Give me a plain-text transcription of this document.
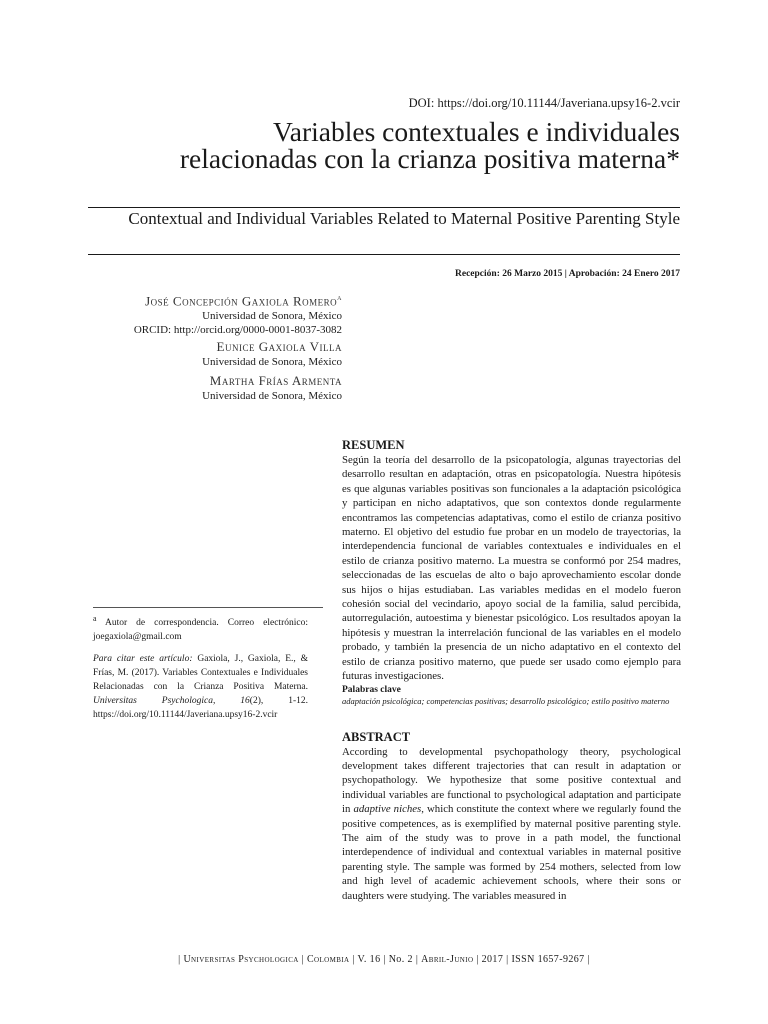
DOI: https://doi.org/10.11144/Javeriana.upsy16-2.vcir
Variables contextuales e individuales relacionadas con la crianza positiva materna*
Contextual and Individual Variables Related to Maternal Positive Parenting Style
Recepción: 26 Marzo 2015 | Aprobación: 24 Enero 2017
José Concepción Gaxiola Romero$^a$
Universidad de Sonora, México
ORCID: http://orcid.org/0000-0001-8037-3082
Eunice Gaxiola Villa
Universidad de Sonora, México
Martha Frías Armenta
Universidad de Sonora, México

$^a$ Autor de correspondencia. Correo electrónico: joegaxiola@gmail.com

Para citar este artículo: Gaxiola, J., Gaxiola, E., & Frías, M. (2017). Variables Contextuales e Individuales Relacionadas con la Crianza Positiva Materna. Universitas Psychologica, 16(2), 1-12. https://doi.org/10.11144/Javeriana.upsy16-2.vcir

RESUMEN

Según la teoría del desarrollo de la psicopatología, algunas trayectorias del desarrollo resultan en adaptación, otras en psicopatología. Nuestra hipótesis es que algunas variables positivas son funcionales a la adaptación psicológica y participan en nicho adaptativos, que son contextos donde regularmente encontramos las competencias adaptativas, como el estilo de crianza positivo materno. El objetivo del estudio fue probar en un modelo de trayectorias, la interdependencia funcional de variables contextuales e individuales en el estilo de crianza positivo materno. La muestra se conformó por 254 madres, seleccionadas de las escuelas de alto o bajo aprovechamiento escolar donde sus hijos o hijas estudiaban. Las variables medidas en el modelo fueron cohesión social del vecindario, apoyo social de la familia, salud percibida, autorregulación, autoestima y bienestar psicológico. Los resultados apoyan la hipótesis y muestran la interrelación funcional de las variables en el modelo probado, y también la presencia de un nicho adaptativo en el contexto del estilo de crianza positivo materno, que puede ser usado como ejemplo para futuras investigaciones.

Palabras clave

adaptación psicológica; competencias positivas; desarrollo psicológico; estilo positivo materno

ABSTRACT

According to developmental psychopathology theory, psychological development takes different trajectories that can result in adaptation or psychopathology. We hypothesize that some positive contextual and individual variables are functional to psychological adaptation and participate in adaptive niches, which constitute the context where we regularly found the positive competences, as is exemplified by maternal positive parenting style. The aim of the study was to prove in a path model, the functional interdependence of individual and contextual variables in maternal positive parenting style. The sample was formed by 254 mothers, selected from low and high level of academic achievement schools, where their sons or daughters were studying. The variables measured in

| Universitas Psychologica | Colombia | V. 16 | No. 2 | Abril-Junio | 2017 | ISSN 1657-9267 |
